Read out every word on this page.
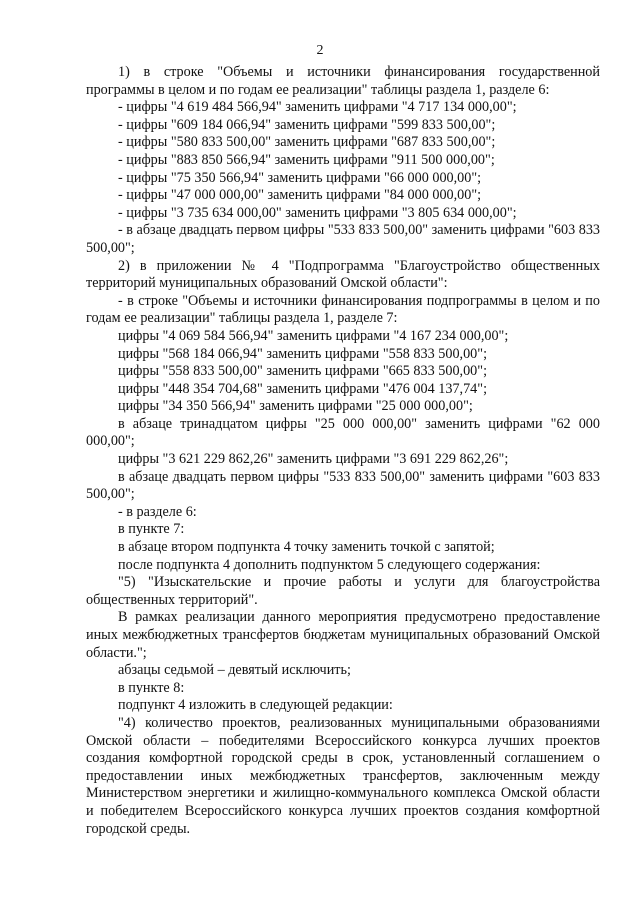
2

1) в строке "Объемы и источники финансирования государственной программы в целом и по годам ее реализации" таблицы раздела 1, разделе 6:

- цифры "4 619 484 566,94" заменить цифрами "4 717 134 000,00";

- цифры "609 184 066,94" заменить цифрами "599 833 500,00";

- цифры "580 833 500,00" заменить цифрами "687 833 500,00";

- цифры "883 850 566,94" заменить цифрами "911 500 000,00";

- цифры "75 350 566,94" заменить цифрами "66 000 000,00";

- цифры "47 000 000,00" заменить цифрами "84 000 000,00";

- цифры "3 735 634 000,00" заменить цифрами "3 805 634 000,00";

- в абзаце двадцать первом цифры "533 833 500,00" заменить цифрами "603 833 500,00";

2) в приложении № 4 "Подпрограмма "Благоустройство общественных территорий муниципальных образований Омской области":

- в строке "Объемы и источники финансирования подпрограммы в целом и по годам ее реализации" таблицы раздела 1, разделе 7:

цифры "4 069 584 566,94" заменить цифрами "4 167 234 000,00";

цифры "568 184 066,94" заменить цифрами "558 833 500,00";

цифры "558 833 500,00" заменить цифрами "665 833 500,00";

цифры "448 354 704,68" заменить цифрами "476 004 137,74";

цифры "34 350 566,94" заменить цифрами "25 000 000,00";

в абзаце тринадцатом цифры "25 000 000,00" заменить цифрами "62 000 000,00";

цифры "3 621 229 862,26" заменить цифрами "3 691 229 862,26";

в абзаце двадцать первом цифры "533 833 500,00" заменить цифрами "603 833 500,00";

- в разделе 6:

в пункте 7:

в абзаце втором подпункта 4 точку заменить точкой с запятой;

после подпункта 4 дополнить подпунктом 5 следующего содержания:

"5) "Изыскательские и прочие работы и услуги для благоустройства общественных территорий".

В рамках реализации данного мероприятия предусмотрено предоставление иных межбюджетных трансфертов бюджетам муниципальных образований Омской области.";

абзацы седьмой – девятый исключить;

в пункте 8:

подпункт 4 изложить в следующей редакции:

"4) количество проектов, реализованных муниципальными образованиями Омской области – победителями Всероссийского конкурса лучших проектов создания комфортной городской среды в срок, установленный соглашением о предоставлении иных межбюджетных трансфертов, заключенным между Министерством энергетики и жилищно-коммунального комплекса Омской области и победителем Всероссийского конкурса лучших проектов создания комфортной городской среды.
